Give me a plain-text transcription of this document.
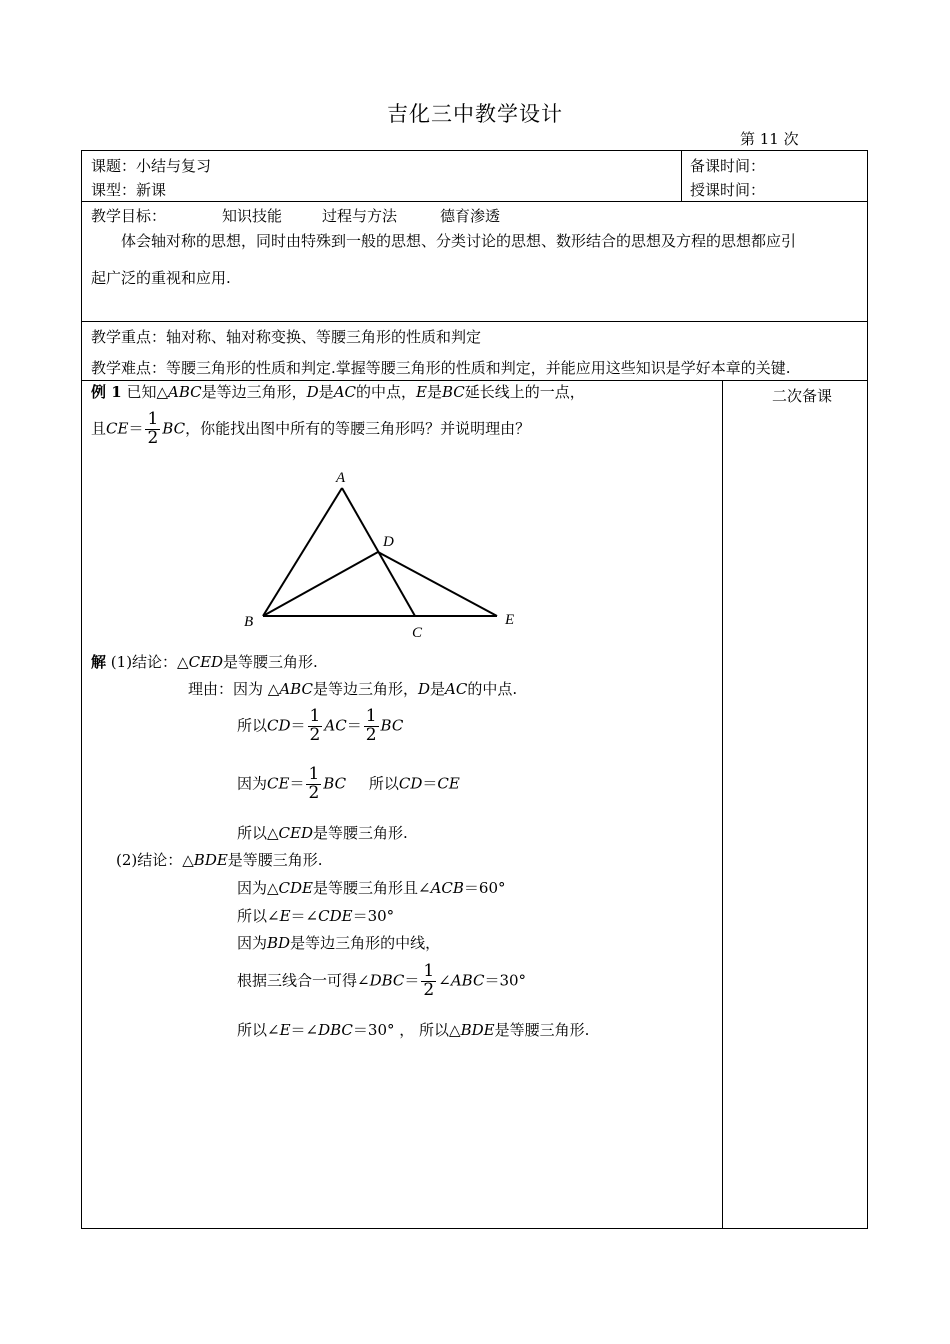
吉化三中教学设计
第 11 次
课题：小结与复习
课型：新课
备课时间：
授课时间：
教学目标：	知识技能	过程与方法	德育渗透
体会轴对称的思想，同时由特殊到一般的思想、分类讨论的思想、数形结合的思想及方程的思想都应引
起广泛的重视和应用.
教学重点：轴对称、轴对称变换、等腰三角形的性质和判定
教学难点：等腰三角形的性质和判定.掌握等腰三角形的性质和判定，并能应用这些知识是学好本章的关键.
二次备课
例 1 已知△ABC是等边三角形，D是AC的中点，E是BC延长线上的一点，
且$CE= \frac{1}{2}$ BC，你能找出图中所有的等腰三角形吗？并说明理由？
A
B
C
D
E
解 (1)结论：△CED是等腰三角形.
理由：因为 △ABC是等边三角形，D是AC的中点.
所以$CD= \frac{1}{2} AC= \frac{1}{2}$ BC
因为$CE= \frac{1}{2}$ BC 所以CD＝CE
所以△CED是等腰三角形.
(2)结论：△BDE是等腰三角形.
因为△CDE是等腰三角形且∠ACB＝60°
所以∠E＝∠CDE＝30°
因为BD是等边三角形的中线，
根据三线合一可得∠DBC＝ $\frac{1}{2}$ ∠ABC＝30°
所以∠E＝∠DBC＝30° ， 所以△BDE是等腰三角形.
